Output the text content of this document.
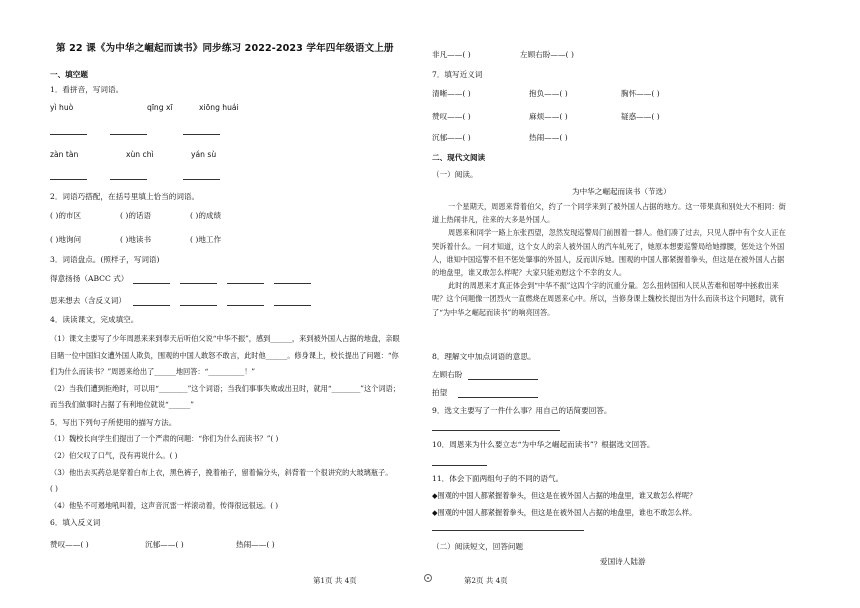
第 22 课《为中华之崛起而读书》同步练习 2022-2023 学年四年级语文上册
一、填空题
1．看拼音，写词语。
yì huò	qīng xī	xiōng huái
zàn tàn	xùn chì	yán sù
2．词语巧搭配，在括号里填上恰当的词语。
( )的市区	( )的话语	( )的成绩
( )地询问	( )地读书	( )地工作
3．词语盘点。(照样子，写词语)
得意扬扬（ABCC 式）
思来想去（含反义词）
4．读读课文，完成填空。
（1）课文主要写了少年周恩来来到奉天后听伯父说“中华不振”，感到______，来到被外国人占据的地盘，亲眼
目睹一位中国妇女遭外国人欺负，围观的中国人敢怒不敢言，此时他______。修身课上，校长提出了问题：“你
们为什么而读书？”周恩来给出了______地回答：“__________！”
（2）当我们遭到拒绝时，可以用“________”这个词语；当我们事事失败或出丑时，就用“________”这个词语；
而当我们做事时占据了有利地位就说“______”
5．写出下列句子所使用的描写方法。
（1）魏校长向学生们提出了一个严肃的问题：“你们为什么而读书？”( )
（2）伯父叹了口气，没有再说什么。( )
（3）他出去买药总是穿着白布上衣，黑色裤子，挽着袖子，留着偏分头，斜背着一个很讲究的大玻璃瓶子。
( )
（4）他坠不可遏地吼叫着，这声音沉雷一样滚动着，传得很远很远。( )
6．填入反义词
赞叹——( )	沉郁——( )	热闹——( )
第1页 共 4页
非凡——( )	左顾右盼——( )
7．填写近义词
清晰——( )	抱负——( )	胸怀——( )
赞叹——( )	麻烦——( )	疑惑——( )
沉郁——( )	热闹——( )
二、现代文阅读
（一）阅读。
为中华之崛起而读书（节选）
一个星期天，周恩来背着伯父，约了一个同学来到了被外国人占据的地方。这一带果真和别处大不相同：街
道上热闹非凡，往来的大多是外国人。
周恩来和同学一路上东张西望，忽然发现巡警局门前围着一群人。他们凑了过去，只见人群中有个女人正在
哭诉着什么。一问才知道，这个女人的亲人被外国人的汽车轧死了，她原本想要巡警局给她撑腰，惩处这个外国
人，谁知中国巡警不但不惩处肇事的外国人，反而训斥她。围观的中国人都紧握着拳头，但这是在被外国人占据
的地盘里，谁又敢怎么样呢？大家只能劝慰这个不幸的女人。
此时的周恩来才真正体会到“中华不振”这四个字的沉重分量。怎么扭转国和人民从苦难和屈辱中拯救出来
呢？这个问题像一团烈火一直燃烧在周恩来心中。所以，当修身课上魏校长提出为什么而读书这个问题时，就有
了“为中华之崛起而读书”的响亮回答。
8．理解文中加点词语的意思。
左顾右盼
拍望
9．选文主要写了一件什么事？用自己的话简要回答。
10．周恩来为什么要立志“为中华之崛起而读书”？根据选文回答。
11．体会下面两组句子的不同的语气。
◆围观的中国人都紧握着拳头，但这是在被外国人占据的地盘里，谁又敢怎么样呢？
◆围观的中国人都紧握着拳头，但这是在被外国人占据的地盘里，谁也不敢怎么样。
（二）阅读短文，回答问题
爱国诗人陆游
第2页 共 4页
